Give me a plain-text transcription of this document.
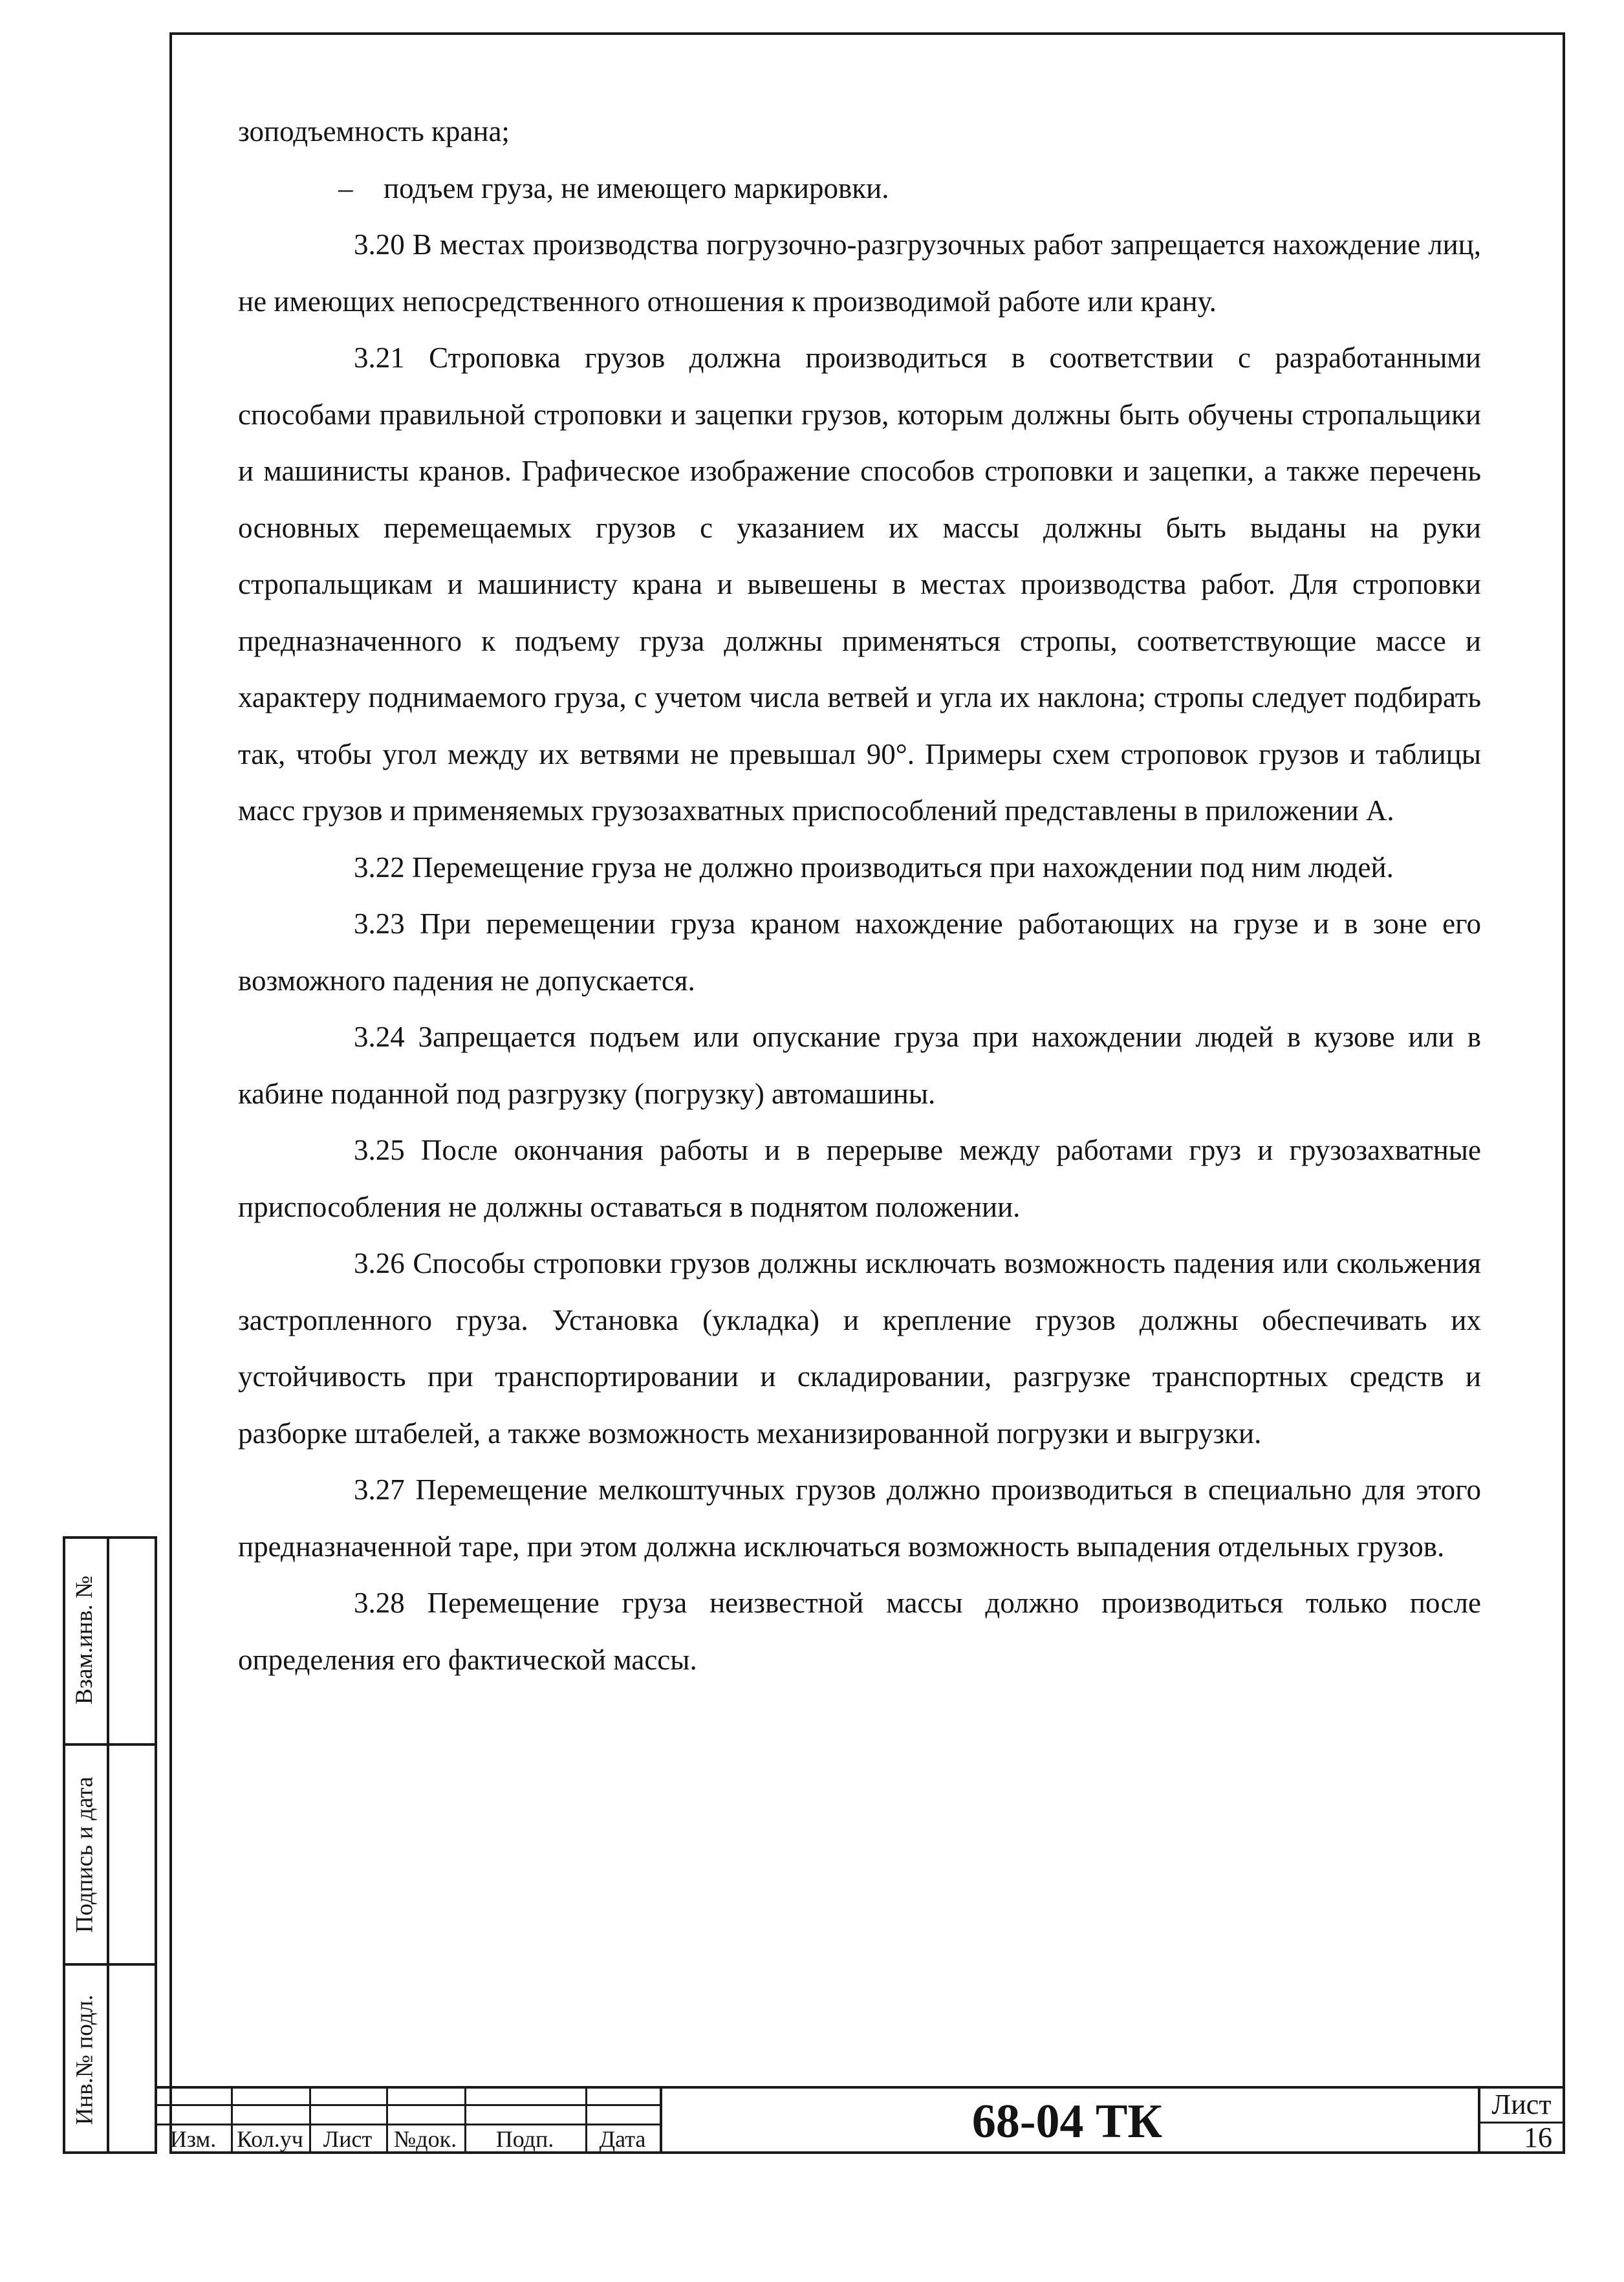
зоподъемность крана;

– подъем груза, не имеющего маркировки.

3.20 В местах производства погрузочно-разгрузочных работ запрещается нахождение лиц, не имеющих непосредственного отношения к производимой работе или крану.

3.21 Строповка грузов должна производиться в соответствии с разработанными способами правильной строповки и зацепки грузов, которым должны быть обучены стропальщики и машинисты кранов. Графическое изображение способов строповки и зацепки, а также перечень основных перемещаемых грузов с указанием их массы должны быть выданы на руки стропальщикам и машинисту крана и вывешены в местах производства работ. Для строповки предназначенного к подъему груза должны применяться стропы, соответствующие массе и характеру поднимаемого груза, с учетом числа ветвей и угла их наклона; стропы следует подбирать так, чтобы угол между их ветвями не превышал 90°. Примеры схем строповок грузов и таблицы масс грузов и применяемых грузозахватных приспособлений представлены в приложении А.

3.22 Перемещение груза не должно производиться при нахождении под ним людей.

3.23 При перемещении груза краном нахождение работающих на грузе и в зоне его возможного падения не допускается.

3.24 Запрещается подъем или опускание груза при нахождении людей в кузове или в кабине поданной под разгрузку (погрузку) автомашины.

3.25 После окончания работы и в перерыве между работами груз и грузозахватные приспособления не должны оставаться в поднятом положении.

3.26 Способы строповки грузов должны исключать возможность падения или скольжения застропленного груза. Установка (укладка) и крепление грузов должны обеспечивать их устойчивость при транспортировании и складировании, разгрузке транспортных средств и разборке штабелей, а также возможность механизированной погрузки и выгрузки.

3.27 Перемещение мелкоштучных грузов должно производиться в специально для этого предназначенной таре, при этом должна исключаться возможность выпадения отдельных грузов.

3.28 Перемещение груза неизвестной массы должно производиться только после определения его фактической массы.

Взам.инв. №
Подпись и дата
Инв.№ подл.
Изм. Кол.уч Лист №док.	Подп.	Дата	68-04 ТК	Лист
16
